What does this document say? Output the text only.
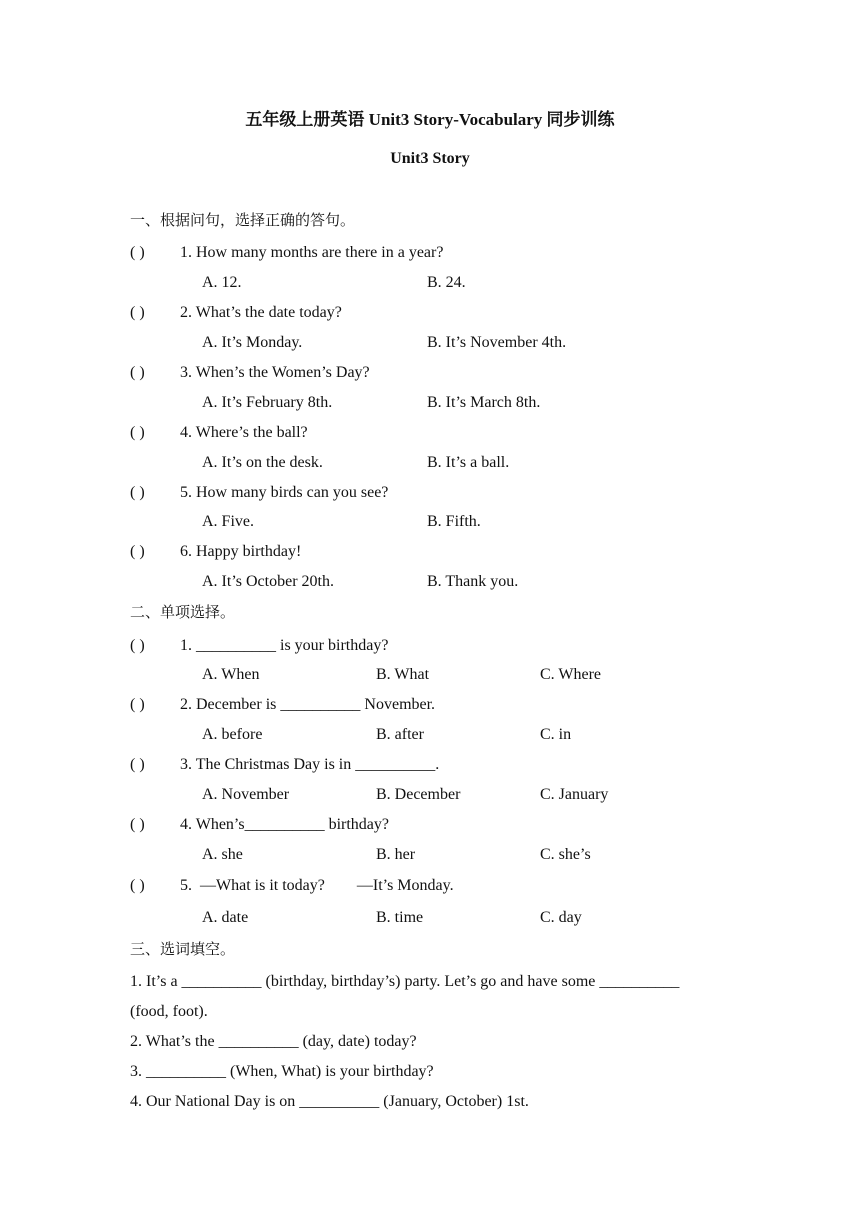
五年级上册英语 Unit3 Story-Vocabulary 同步训练
Unit3 Story
一、根据问句，选择正确的答句。
( ) 1. How many months are there in a year?
A. 12.	B. 24.
( ) 2. What’s the date today?
A. It’s Monday.	B. It’s November 4th.
( ) 3. When’s the Women’s Day?
A. It’s February 8th.	B. It’s March 8th.
( ) 4. Where’s the ball?
A. It’s on the desk.	B. It’s a ball.
( ) 5. How many birds can you see?
A. Five.	B. Fifth.
( ) 6. Happy birthday!
A. It’s October 20th.	B. Thank you.
二、单项选择。
( ) 1. __________ is your birthday?
A. When	B. What	C. Where
( ) 2. December is __________ November.
A. before	B. after	C. in
( ) 3. The Christmas Day is in __________.
A. November	B. December	C. January
( ) 4. When’s__________ birthday?
A. she	B. her	C. she’s
( ) 5.  —What is it today?        —It’s Monday.
A. date	B. time	C. day
三、选词填空。
1. It’s a __________ (birthday, birthday’s) party. Let’s go and have some __________
(food, foot).
2. What’s the __________ (day, date) today?
3. __________ (When, What) is your birthday?
4. Our National Day is on __________ (January, October) 1st.
